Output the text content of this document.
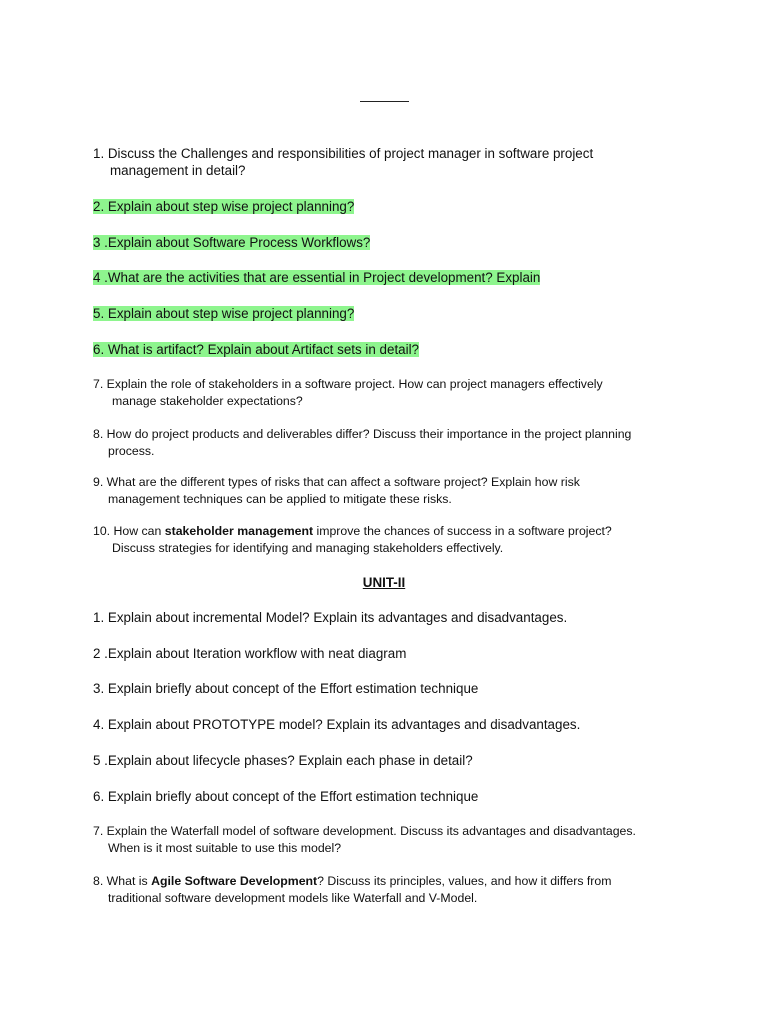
1. Discuss the Challenges and responsibilities of project manager in software project
management in detail?
2. Explain about step wise project planning?
3 .Explain about Software Process Workflows?
4 .What are the activities that are essential in Project development? Explain
5. Explain about step wise project planning?
6. What is artifact? Explain about Artifact sets in detail?
7. Explain the role of stakeholders in a software project. How can project managers effectively
manage stakeholder expectations?
8. How do project products and deliverables differ? Discuss their importance in the project planning
process.
9. What are the different types of risks that can affect a software project? Explain how risk
management techniques can be applied to mitigate these risks.
10. How can stakeholder management improve the chances of success in a software project?
Discuss strategies for identifying and managing stakeholders effectively.
UNIT-II
1. Explain about incremental Model? Explain its advantages and disadvantages.
2 .Explain about Iteration workflow with neat diagram
3. Explain briefly about concept of the Effort estimation technique
4. Explain about PROTOTYPE model? Explain its advantages and disadvantages.
5 .Explain about lifecycle phases? Explain each phase in detail?
6. Explain briefly about concept of the Effort estimation technique
7. Explain the Waterfall model of software development. Discuss its advantages and disadvantages.
When is it most suitable to use this model?
8. What is Agile Software Development? Discuss its principles, values, and how it differs from
traditional software development models like Waterfall and V-Model.
